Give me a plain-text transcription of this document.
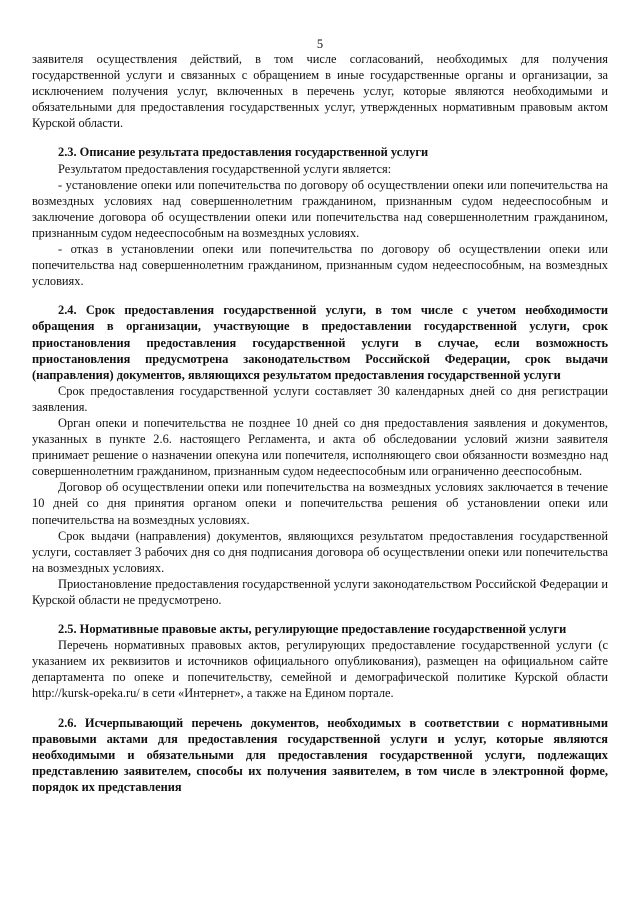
5

заявителя осуществления действий, в том числе согласований, необходимых для получения государственной услуги и связанных с обращением в иные государственные органы и организации, за исключением получения услуг, включенных в перечень услуг, которые являются необходимыми и обязательными для предоставления государственных услуг, утвержденных нормативным правовым актом Курской области.

2.3. Описание результата предоставления государственной услуги

Результатом предоставления государственной услуги является:

- установление опеки или попечительства по договору об осуществлении опеки или попечительства на возмездных условиях над совершеннолетним гражданином, признанным судом недееспособным и заключение договора об осуществлении опеки или попечительства над совершеннолетним гражданином, признанным судом недееспособным на возмездных условиях.

- отказ в установлении опеки или попечительства по договору об осуществлении опеки или попечительства над совершеннолетним гражданином, признанным судом недееспособным, на возмездных условиях.

2.4. Срок предоставления государственной услуги, в том числе с учетом необходимости обращения в организации, участвующие в предоставлении государственной услуги, срок приостановления предоставления государственной услуги в случае, если возможность приостановления предусмотрена законодательством Российской Федерации, срок выдачи (направления) документов, являющихся результатом предоставления государственной услуги

Срок предоставления государственной услуги составляет 30 календарных дней со дня регистрации заявления.

Орган опеки и попечительства не позднее 10 дней со дня предоставления заявления и документов, указанных в пункте 2.6. настоящего Регламента, и акта об обследовании условий жизни заявителя принимает решение о назначении опекуна или попечителя, исполняющего свои обязанности возмездно над совершеннолетним гражданином, признанным судом недееспособным или ограниченно дееспособным.

Договор об осуществлении опеки или попечительства на возмездных условиях заключается в течение 10 дней со дня принятия органом опеки и попечительства решения об установлении опеки или попечительства на возмездных условиях.

Срок выдачи (направления) документов, являющихся результатом предоставления государственной услуги, составляет 3 рабочих дня со дня подписания договора об осуществлении опеки или попечительства на возмездных условиях.

Приостановление предоставления государственной услуги законодательством Российской Федерации и Курской области не предусмотрено.

2.5. Нормативные правовые акты, регулирующие предоставление государственной услуги

Перечень нормативных правовых актов, регулирующих предоставление государственной услуги (с указанием их реквизитов и источников официального опубликования), размещен на официальном сайте департамента по опеке и попечительству, семейной и демографической политике Курской области http://kursk-opeka.ru/ в сети «Интернет», а также на Едином портале.

2.6. Исчерпывающий перечень документов, необходимых в соответствии с нормативными правовыми актами для предоставления государственной услуги и услуг, которые являются необходимыми и обязательными для предоставления государственной услуги, подлежащих представлению заявителем, способы их получения заявителем, в том числе в электронной форме, порядок их представления
